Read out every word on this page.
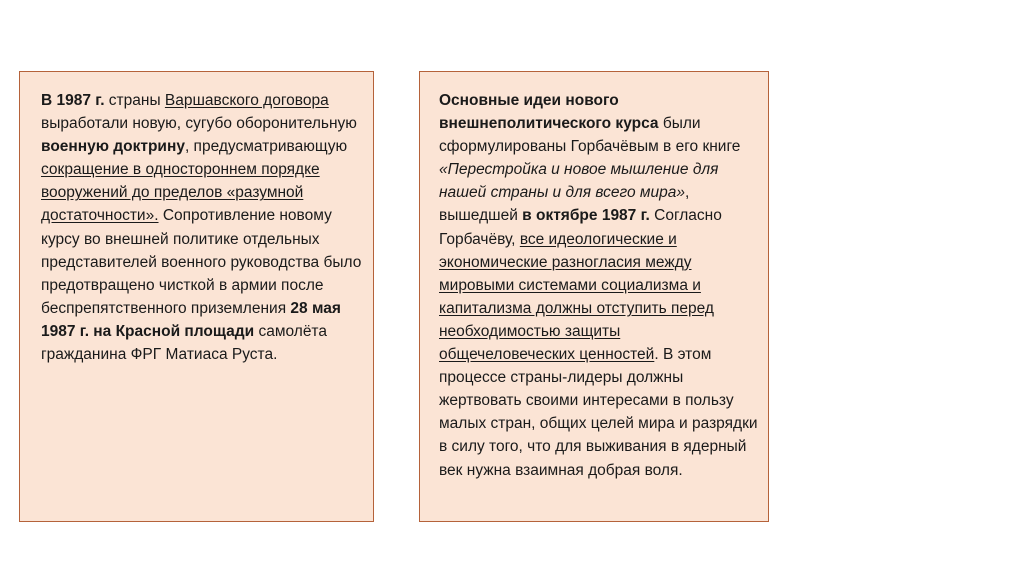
В 1987 г. страны Варшавского договора выработали новую, сугубо оборонительную военную доктрину, предусматривающую сокращение в одностороннем порядке вооружений до пределов «разумной достаточности». Сопротивление новому курсу во внешней политике отдельных представителей военного руководства было предотвращено чисткой в армии после беспрепятственного приземления 28 мая 1987 г. на Красной площади самолёта гражданина ФРГ Матиаса Руста.

Основные идеи нового внешнеполитического курса были сформулированы Горбачёвым в его книге «Перестройка и новое мышление для нашей страны и для всего мира», вышедшей в октябре 1987 г. Согласно Горбачёву, все идеологические и экономические разногласия между мировыми системами социализма и капитализма должны отступить перед необходимостью защиты общечеловеческих ценностей. В этом процессе страны-лидеры должны жертвовать своими интересами в пользу малых стран, общих целей мира и разрядки в силу того, что для выживания в ядерный век нужна взаимная добрая воля.
